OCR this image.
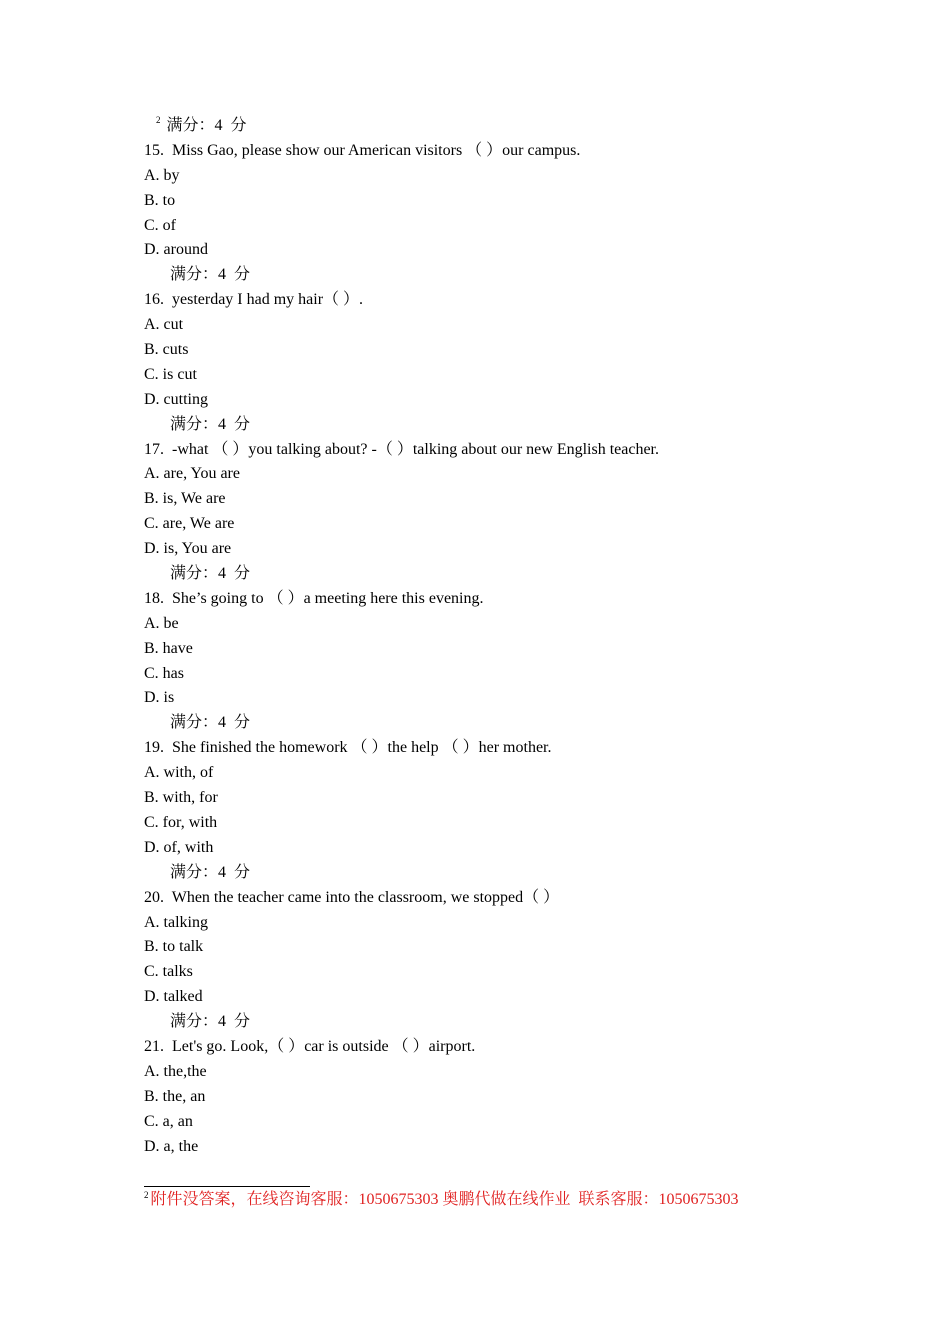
$^2$ 满分：4  分
15.  Miss Gao, please show our American visitors （ ）our campus.
A. by
B. to
C. of
D. around
满分：4  分
16.  yesterday I had my hair（ ）.
A. cut
B. cuts
C. is cut
D. cutting
满分：4  分
17.  -what （ ）you talking about? -（ ）talking about our new English teacher.
A. are, You are
B. is, We are
C. are, We are
D. is, You are
满分：4  分
18.  She’s going to （ ）a meeting here this evening.
A. be
B. have
C. has
D. is
满分：4  分
19.  She finished the homework （ ）the help （ ）her mother.
A. with, of
B. with, for
C. for, with
D. of, with
满分：4  分
20.  When the teacher came into the classroom, we stopped（ ）
A. talking
B. to talk
C. talks
D. talked
满分：4  分
21.  Let's go. Look,（ ）car is outside （ ）airport.
A. the,the
B. the, an
C. a, an
D. a, the
$^2$ 附件没答案，在线咨询客服：1050675303 奥鹏代做在线作业  联系客服：1050675303
